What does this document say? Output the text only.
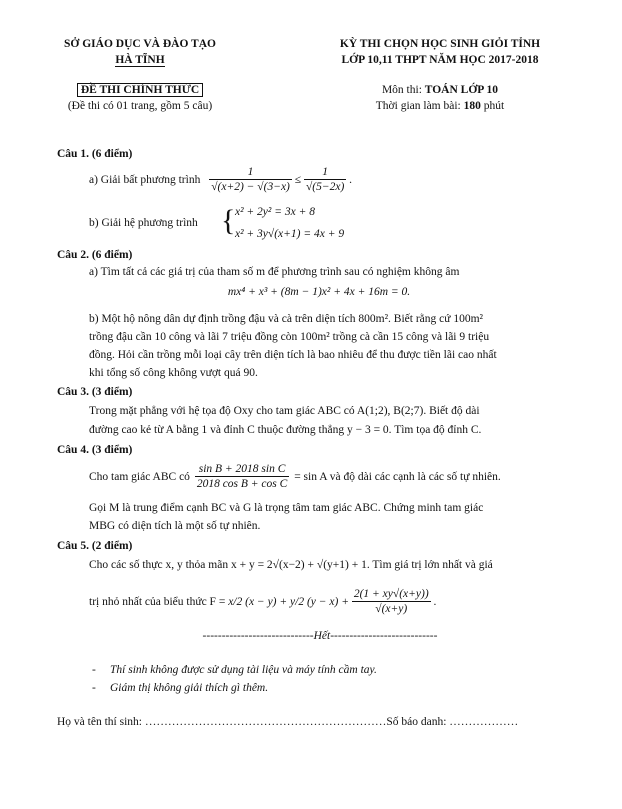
SỞ GIÁO DỤC VÀ ĐÀO TẠO
HÀ TĨNH
KỲ THI CHỌN HỌC SINH GIỎI TỈNH
LỚP 10,11 THPT NĂM HỌC 2017-2018
ĐỀ THI CHÍNH THỨC
(Đề thi có 01 trang, gồm 5 câu)
Môn thi: TOÁN LỚP 10
Thời gian làm bài: 180 phút
Câu 1. (6 điểm)
a) Giải bất phương trình $\frac{1}{√(x+2) - √(3-x)} \le \frac{1}{√(5-2x)}$ .
b) Giải hệ phương trình { x² + 2y² = 3x + 8
x² + 3y√(x+1) = 4x + 9
Câu 2. (6 điểm)
a) Tìm tất cả các giá trị của tham số m để phương trình sau có nghiệm không âm
mx⁴ + x³ + (8m − 1)x² + 4x + 16m = 0.
b) Một hộ nông dân dự định trồng đậu và cà trên diện tích 800m². Biết rằng cứ 100m²
trồng đậu cần 10 công và lãi 7 triệu đồng còn 100m² trồng cà cần 15 công và lãi 9 triệu
đồng. Hỏi cần trồng mỗi loại cây trên diện tích là bao nhiêu để thu được tiền lãi cao nhất
khi tổng số công không vượt quá 90.
Câu 3. (3 điểm)
Trong mặt phẳng với hệ tọa độ Oxy cho tam giác ABC có A(1;2), B(2;7). Biết độ dài
đường cao kẻ từ A bằng 1 và đỉnh C thuộc đường thẳng y − 3 = 0. Tìm tọa độ đỉnh C.
Câu 4. (3 điểm)
Cho tam giác ABC có $\frac{\text{sin B + 2018 sin C}}{\text{2018 cos B + cos C}} = \sin A$ và độ dài các cạnh là các số tự nhiên.
Gọi M là trung điểm cạnh BC và G là trọng tâm tam giác ABC. Chứng minh tam giác
MBG có diện tích là một số tự nhiên.
Câu 5. (2 điểm)
Cho các số thực x, y thỏa mãn x + y = 2√(x−2) + √(y+1) + 1. Tìm giá trị lớn nhất và giá
trị nhỏ nhất của biểu thức F = x/2 (x − y) + y/2 $(y - x) + \frac{2(1 + xy√(x+y))}{√(x+y)}$ .
-----------------------------Hết----------------------------
- Thí sinh không được sử dụng tài liệu và máy tính cầm tay.
- Giám thị không giải thích gì thêm.
Họ và tên thí sinh: ………………………………………………………Số báo danh: ………………
